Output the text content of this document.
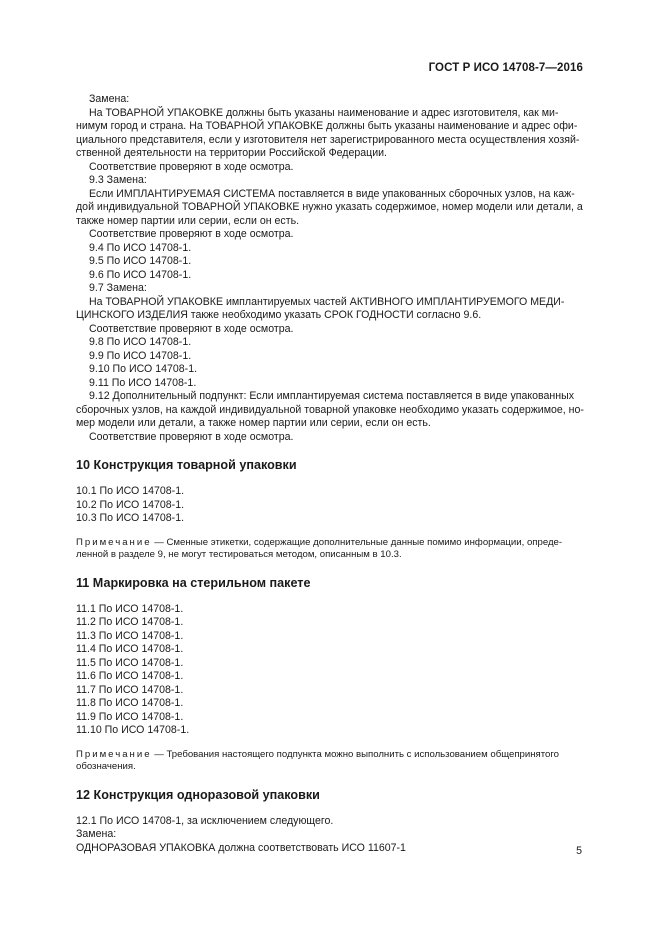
ГОСТ Р ИСО 14708-7—2016

Замена:

На ТОВАРНОЙ УПАКОВКЕ должны быть указаны наименование и адрес изготовителя, как ми-

нимум город и страна. На ТОВАРНОЙ УПАКОВКЕ должны быть указаны наименование и адрес офи-

циального представителя, если у изготовителя нет зарегистрированного места осуществления хозяй-

ственной деятельности на территории Российской Федерации.

Соответствие проверяют в ходе осмотра.

9.3 Замена:

Если ИМПЛАНТИРУЕМАЯ СИСТЕМА поставляется в виде упакованных сборочных узлов, на каж-

дой индивидуальной ТОВАРНОЙ УПАКОВКЕ нужно указать содержимое, номер модели или детали, а

также номер партии или серии, если он есть.

Соответствие проверяют в ходе осмотра.

9.4 По ИСО 14708-1.

9.5 По ИСО 14708-1.

9.6 По ИСО 14708-1.

9.7 Замена:

На ТОВАРНОЙ УПАКОВКЕ имплантируемых частей АКТИВНОГО ИМПЛАНТИРУЕМОГО МЕДИ-

ЦИНСКОГО ИЗДЕЛИЯ также необходимо указать СРОК ГОДНОСТИ согласно 9.6.

Соответствие проверяют в ходе осмотра.

9.8 По ИСО 14708-1.

9.9 По ИСО 14708-1.

9.10 По ИСО 14708-1.

9.11 По ИСО 14708-1.

9.12 Дополнительный подпункт: Если имплантируемая система поставляется в виде упакованных

сборочных узлов, на каждой индивидуальной товарной упаковке необходимо указать содержимое, но-

мер модели или детали, а также номер партии или серии, если он есть.

Соответствие проверяют в ходе осмотра.

10 Конструкция товарной упаковки

10.1 По ИСО 14708-1.

10.2 По ИСО 14708-1.

10.3 По ИСО 14708-1.

Примечание — Сменные этикетки, содержащие дополнительные данные помимо информации, опреде-

ленной в разделе 9, не могут тестироваться методом, описанным в 10.3.

11 Маркировка на стерильном пакете

11.1 По ИСО 14708-1.

11.2 По ИСО 14708-1.

11.3 По ИСО 14708-1.

11.4 По ИСО 14708-1.

11.5 По ИСО 14708-1.

11.6 По ИСО 14708-1.

11.7 По ИСО 14708-1.

11.8 По ИСО 14708-1.

11.9 По ИСО 14708-1.

11.10 По ИСО 14708-1.

Примечание — Требования настоящего подпункта можно выполнить с использованием общепринятого

обозначения.

12 Конструкция одноразовой упаковки

12.1 По ИСО 14708-1, за исключением следующего.

Замена:

ОДНОРАЗОВАЯ УПАКОВКА должна соответствовать ИСО 11607-1	5
